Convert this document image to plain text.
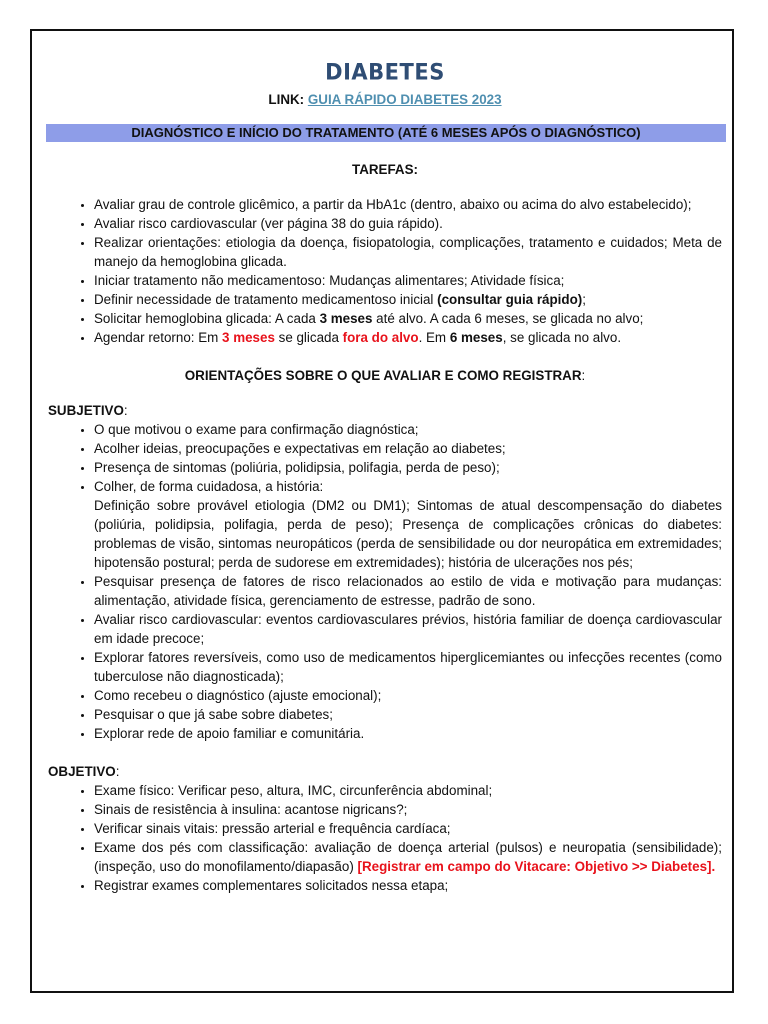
DIABETES
LINK: GUIA RÁPIDO DIABETES 2023
DIAGNÓSTICO E INÍCIO DO TRATAMENTO (ATÉ 6 MESES APÓS O DIAGNÓSTICO)
TAREFAS:
• Avaliar grau de controle glicêmico, a partir da HbA1c (dentro, abaixo ou acima do alvo estabelecido);
• Avaliar risco cardiovascular (ver página 38 do guia rápido).
• Realizar orientações: etiologia da doença, fisiopatologia, complicações, tratamento e cuidados; Meta de manejo da hemoglobina glicada.
• Iniciar tratamento não medicamentoso: Mudanças alimentares; Atividade física;
• Definir necessidade de tratamento medicamentoso inicial (consultar guia rápido);
• Solicitar hemoglobina glicada: A cada 3 meses até alvo. A cada 6 meses, se glicada no alvo;
• Agendar retorno: Em 3 meses se glicada fora do alvo. Em 6 meses, se glicada no alvo.
ORIENTAÇÕES SOBRE O QUE AVALIAR E COMO REGISTRAR:
SUBJETIVO:
• O que motivou o exame para confirmação diagnóstica;
• Acolher ideias, preocupações e expectativas em relação ao diabetes;
• Presença de sintomas (poliúria, polidipsia, polifagia, perda de peso);
• Colher, de forma cuidadosa, a história:
Definição sobre provável etiologia (DM2 ou DM1); Sintomas de atual descompensação do diabetes (poliúria, polidipsia, polifagia, perda de peso); Presença de complicações crônicas do diabetes: problemas de visão, sintomas neuropáticos (perda de sensibilidade ou dor neuropática em extremidades; hipotensão postural; perda de sudorese em extremidades); história de ulcerações nos pés;
• Pesquisar presença de fatores de risco relacionados ao estilo de vida e motivação para mudanças: alimentação, atividade física, gerenciamento de estresse, padrão de sono.
• Avaliar risco cardiovascular: eventos cardiovasculares prévios, história familiar de doença cardiovascular em idade precoce;
• Explorar fatores reversíveis, como uso de medicamentos hiperglicemiantes ou infecções recentes (como tuberculose não diagnosticada);
• Como recebeu o diagnóstico (ajuste emocional);
• Pesquisar o que já sabe sobre diabetes;
• Explorar rede de apoio familiar e comunitária.
OBJETIVO:
• Exame físico: Verificar peso, altura, IMC, circunferência abdominal;
• Sinais de resistência à insulina: acantose nigricans?;
• Verificar sinais vitais: pressão arterial e frequência cardíaca;
• Exame dos pés com classificação: avaliação de doença arterial (pulsos) e neuropatia (sensibilidade); (inspeção, uso do monofilamento/diapasão) [Registrar em campo do Vitacare: Objetivo >> Diabetes].
• Registrar exames complementares solicitados nessa etapa;
